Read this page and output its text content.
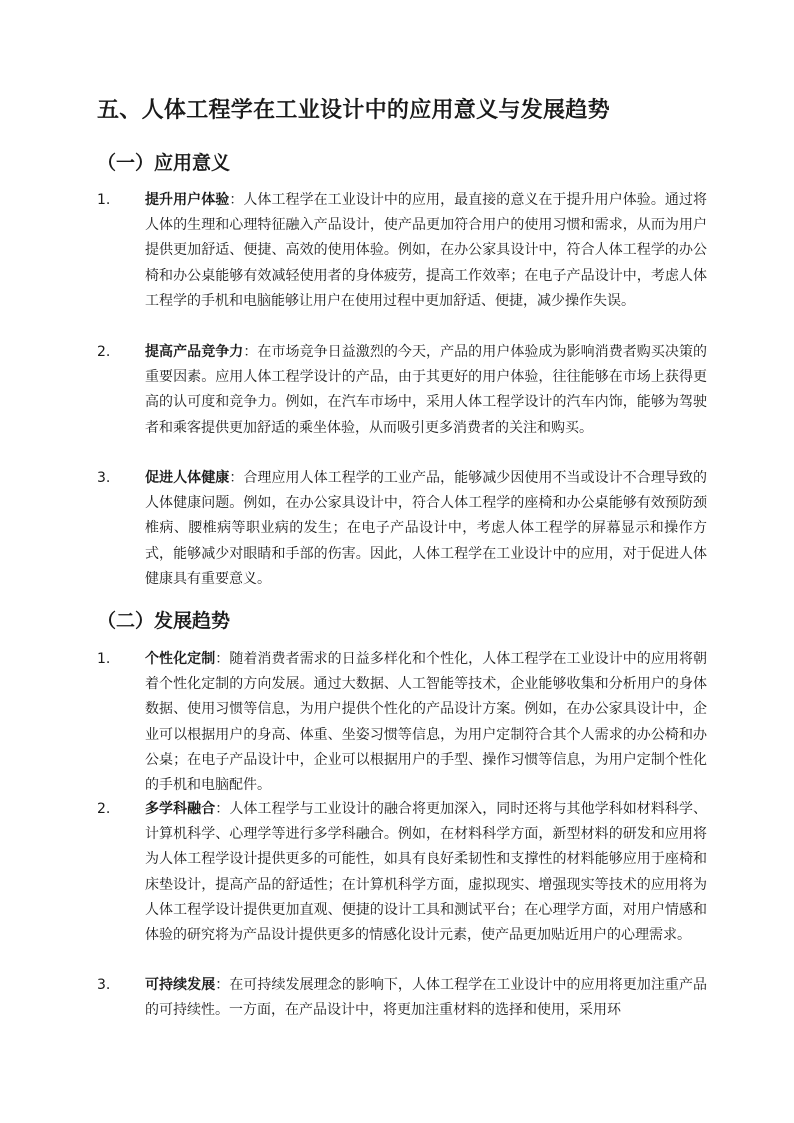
五、人体工程学在工业设计中的应用意义与发展趋势
（一）应用意义
1. 提升用户体验：人体工程学在工业设计中的应用，最直接的意义在于提升用户体验。通过将人体的生理和心理特征融入产品设计，使产品更加符合用户的使用习惯和需求，从而为用户提供更加舒适、便捷、高效的使用体验。例如，在办公家具设计中，符合人体工程学的办公椅和办公桌能够有效减轻使用者的身体疲劳，提高工作效率；在电子产品设计中，考虑人体工程学的手机和电脑能够让用户在使用过程中更加舒适、便捷，减少操作失误。
2. 提高产品竞争力：在市场竞争日益激烈的今天，产品的用户体验成为影响消费者购买决策的重要因素。应用人体工程学设计的产品，由于其更好的用户体验，往往能够在市场上获得更高的认可度和竞争力。例如，在汽车市场中，采用人体工程学设计的汽车内饰，能够为驾驶者和乘客提供更加舒适的乘坐体验，从而吸引更多消费者的关注和购买。
3. 促进人体健康：合理应用人体工程学的工业产品，能够减少因使用不当或设计不合理导致的人体健康问题。例如，在办公家具设计中，符合人体工程学的座椅和办公桌能够有效预防颈椎病、腰椎病等职业病的发生；在电子产品设计中，考虑人体工程学的屏幕显示和操作方式，能够减少对眼睛和手部的伤害。因此，人体工程学在工业设计中的应用，对于促进人体健康具有重要意义。
（二）发展趋势
1. 个性化定制：随着消费者需求的日益多样化和个性化，人体工程学在工业设计中的应用将朝着个性化定制的方向发展。通过大数据、人工智能等技术，企业能够收集和分析用户的身体数据、使用习惯等信息，为用户提供个性化的产品设计方案。例如，在办公家具设计中，企业可以根据用户的身高、体重、坐姿习惯等信息，为用户定制符合其个人需求的办公椅和办公桌；在电子产品设计中，企业可以根据用户的手型、操作习惯等信息，为用户定制个性化的手机和电脑配件。
2. 多学科融合：人体工程学与工业设计的融合将更加深入，同时还将与其他学科如材料科学、计算机科学、心理学等进行多学科融合。例如，在材料科学方面，新型材料的研发和应用将为人体工程学设计提供更多的可能性，如具有良好柔韧性和支撑性的材料能够应用于座椅和床垫设计，提高产品的舒适性；在计算机科学方面，虚拟现实、增强现实等技术的应用将为人体工程学设计提供更加直观、便捷的设计工具和测试平台；在心理学方面，对用户情感和体验的研究将为产品设计提供更多的情感化设计元素，使产品更加贴近用户的心理需求。
3. 可持续发展：在可持续发展理念的影响下，人体工程学在工业设计中的应用将更加注重产品的可持续性。一方面，在产品设计中，将更加注重材料的选择和使用，采用环
